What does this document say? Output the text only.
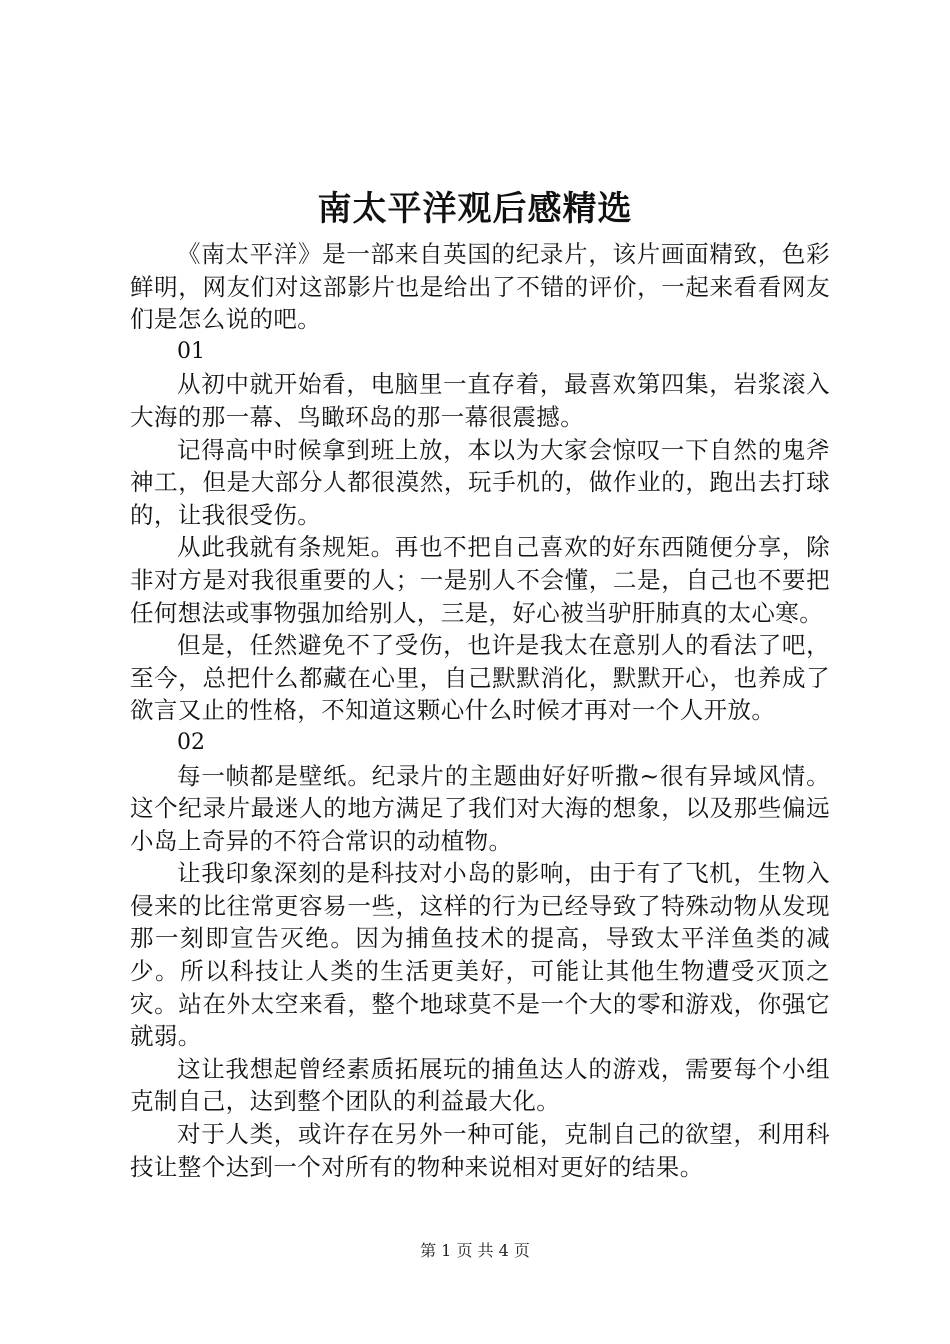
南太平洋观后感精选

《南太平洋》是一部来自英国的纪录片，该片画面精致，色彩鲜明，网友们对这部影片也是给出了不错的评价，一起来看看网友们是怎么说的吧。

01

从初中就开始看，电脑里一直存着，最喜欢第四集，岩浆滚入大海的那一幕、鸟瞰环岛的那一幕很震撼。

记得高中时候拿到班上放，本以为大家会惊叹一下自然的鬼斧神工，但是大部分人都很漠然，玩手机的，做作业的，跑出去打球的，让我很受伤。

从此我就有条规矩。再也不把自己喜欢的好东西随便分享，除非对方是对我很重要的人；一是别人不会懂，二是，自己也不要把任何想法或事物强加给别人，三是，好心被当驴肝肺真的太心寒。

但是，任然避免不了受伤，也许是我太在意别人的看法了吧，至今，总把什么都藏在心里，自己默默消化，默默开心，也养成了欲言又止的性格，不知道这颗心什么时候才再对一个人开放。

02

每一帧都是壁纸。纪录片的主题曲好好听撒~很有异域风情。这个纪录片最迷人的地方满足了我们对大海的想象，以及那些偏远小岛上奇异的不符合常识的动植物。

让我印象深刻的是科技对小岛的影响，由于有了飞机，生物入侵来的比往常更容易一些，这样的行为已经导致了特殊动物从发现那一刻即宣告灭绝。因为捕鱼技术的提高，导致太平洋鱼类的减少。所以科技让人类的生活更美好，可能让其他生物遭受灭顶之灾。站在外太空来看，整个地球莫不是一个大的零和游戏，你强它就弱。

这让我想起曾经素质拓展玩的捕鱼达人的游戏，需要每个小组克制自己，达到整个团队的利益最大化。

对于人类，或许存在另外一种可能，克制自己的欲望，利用科技让整个达到一个对所有的物种来说相对更好的结果。

第 1 页 共 4 页
